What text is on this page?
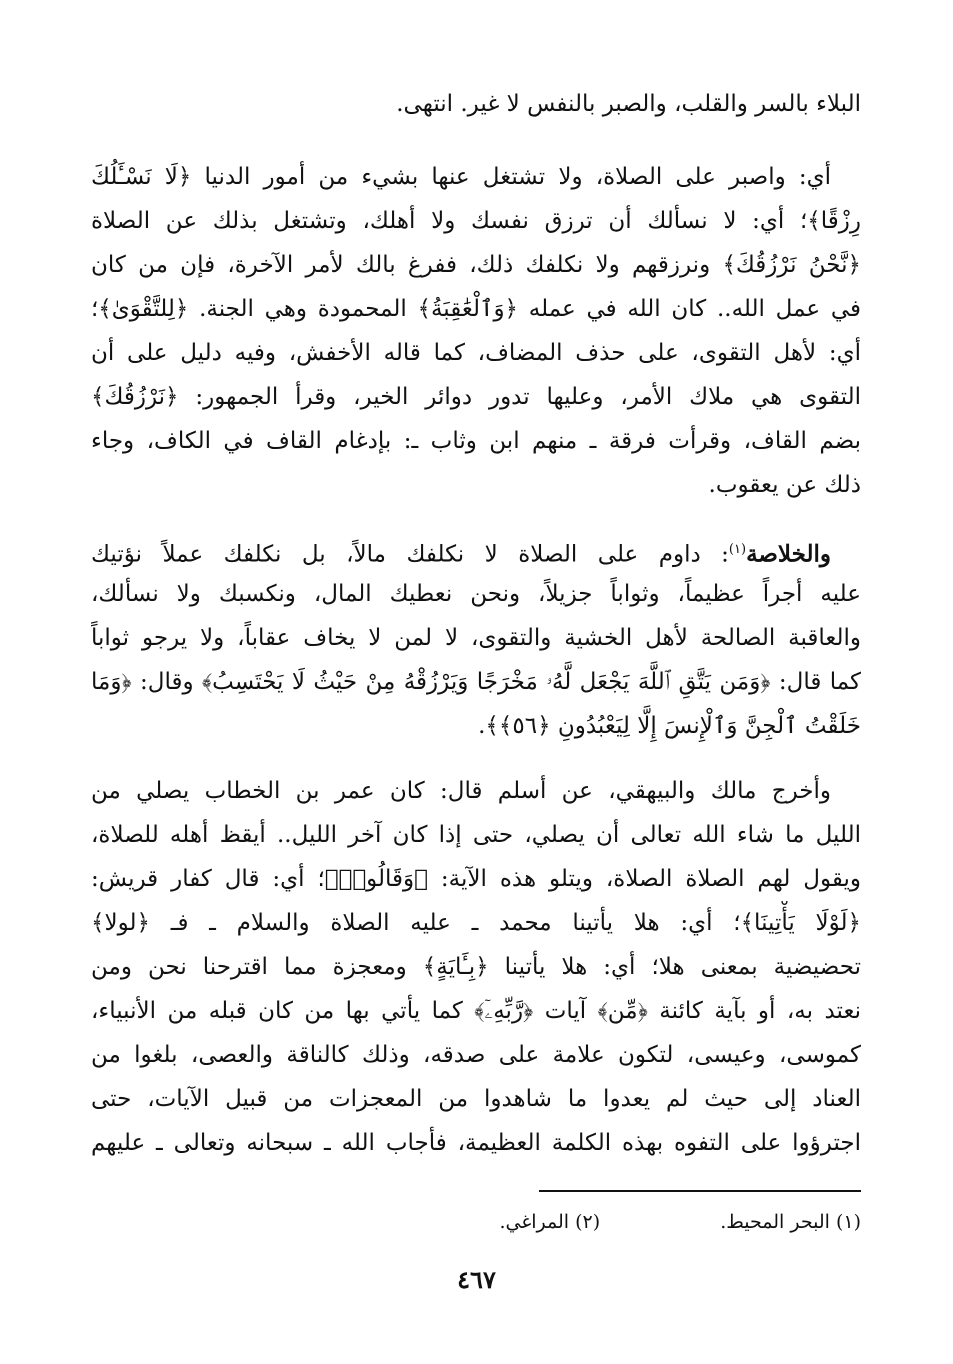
البلاء بالسر والقلب، والصبر بالنفس لا غير. انتهى.
أي: واصبر على الصلاة، ولا تشتغل عنها بشيء من أمور الدنيا ﴿لَا نَسْـَٔلُكَ
رِزْقًا﴾؛ أي: لا نسألك أن ترزق نفسك ولا أهلك، وتشتغل بذلك عن الصلاة
﴿نَّحْنُ نَرْزُقُكَ﴾ ونرزقهم ولا نكلفك ذلك، ففرغ بالك لأمر الآخرة، فإن من كان
في عمل الله.. كان الله في عمله ﴿وَٱلْعَٰقِبَةُ﴾ المحمودة وهي الجنة. ﴿لِلتَّقْوَىٰ﴾؛
أي: لأهل التقوى، على حذف المضاف، كما قاله الأخفش، وفيه دليل على أن
التقوى هي ملاك الأمر، وعليها تدور دوائر الخير، وقرأ الجمهور: ﴿نَرْزُقُكَ﴾
بضم القاف، وقرأت فرقة ـ منهم ابن وثاب ـ: بإدغام القاف في الكاف، وجاء
ذلك عن يعقوب.
والخلاصة$^{(١)}$: داوم على الصلاة لا نكلفك مالاً، بل نكلفك عملاً نؤتيك
عليه أجراً عظيماً، وثواباً جزيلاً، ونحن نعطيك المال، ونكسبك ولا نسألك،
والعاقبة الصالحة لأهل الخشية والتقوى، لا لمن لا يخاف عقاباً، ولا يرجو ثواباً
كما قال: ﴿وَمَن يَتَّقِ ٱللَّهَ يَجْعَل لَّهُۥ مَخْرَجًا وَيَرْزُقْهُ مِنْ حَيْثُ لَا يَحْتَسِبُ﴾ وقال: ﴿وَمَا
خَلَقْتُ ٱلْجِنَّ وَٱلْإِنسَ إِلَّا لِيَعْبُدُونِ ﴿٥٦﴾﴾.
وأخرج مالك والبيهقي، عن أسلم قال: كان عمر بن الخطاب يصلي من
الليل ما شاء الله تعالى أن يصلي، حتى إذا كان آخر الليل.. أيقظ أهله للصلاة،
ويقول لهم الصلاة الصلاة، ويتلو هذه الآية: ﴿وَقَالُوا۟﴾؛ أي: قال كفار قريش:
﴿لَوْلَا يَأْتِينَا﴾؛ أي: هلا يأتينا محمد ـ عليه الصلاة والسلام ـ فـ ﴿لولا﴾
تحضيضية بمعنى هلا؛ أي: هلا يأتينا ﴿بِـَٔايَةٍ﴾ ومعجزة مما اقترحنا نحن ومن
نعتد به، أو بآية كائنة ﴿مِّن﴾ آيات ﴿رَّبِّهِۦٓ﴾ كما يأتي بها من كان قبله من الأنبياء،
كموسى، وعيسى، لتكون علامة على صدقه، وذلك كالناقة والعصى، بلغوا من
العناد إلى حيث لم يعدوا ما شاهدوا من المعجزات من قبيل الآيات، حتى
اجترؤوا على التفوه بهذه الكلمة العظيمة، فأجاب الله ـ سبحانه وتعالى ـ عليهم
(١) البحر المحيط.(٢) المراغي.
٤٦٧
